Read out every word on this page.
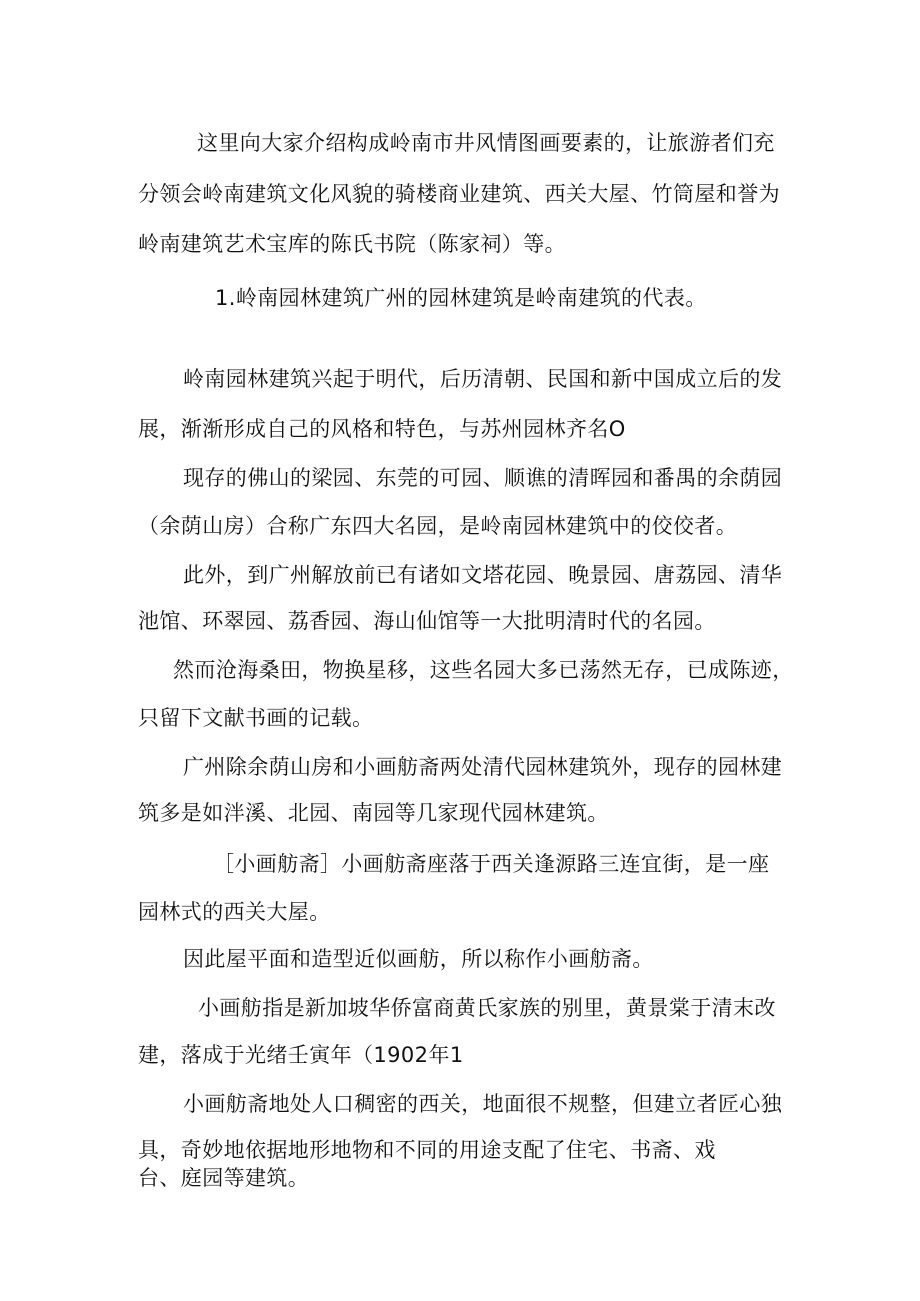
这里向大家介绍构成岭南市井风情图画要素的，让旅游者们充
分领会岭南建筑文化风貌的骑楼商业建筑、西关大屋、竹筒屋和誉为
岭南建筑艺术宝库的陈氏书院（陈家祠）等。
1.岭南园林建筑广州的园林建筑是岭南建筑的代表。
岭南园林建筑兴起于明代，后历清朝、民国和新中国成立后的发
展，渐渐形成自己的风格和特色，与苏州园林齐名O
现存的佛山的梁园、东莞的可园、顺谯的清晖园和番禺的余荫园
（余荫山房）合称广东四大名园，是岭南园林建筑中的佼佼者。
此外，到广州解放前已有诸如文塔花园、晚景园、唐荔园、清华
池馆、环翠园、荔香园、海山仙馆等一大批明清时代的名园。
然而沧海桑田，物换星移，这些名园大多已荡然无存，已成陈迹，
只留下文献书画的记载。
广州除余荫山房和小画舫斋两处清代园林建筑外，现存的园林建
筑多是如泮溪、北园、南园等几家现代园林建筑。
［小画舫斋］小画舫斋座落于西关逢源路三连宜街，是一座
园林式的西关大屋。
因此屋平面和造型近似画舫，所以称作小画舫斋。
小画舫指是新加坡华侨富商黄氏家族的别里，黄景棠于清末改
建，落成于光绪壬寅年（1902年1
小画舫斋地处人口稠密的西关，地面很不规整，但建立者匠心独
具，奇妙地依据地形地物和不同的用途支配了住宅、书斋、戏
台、庭园等建筑。
